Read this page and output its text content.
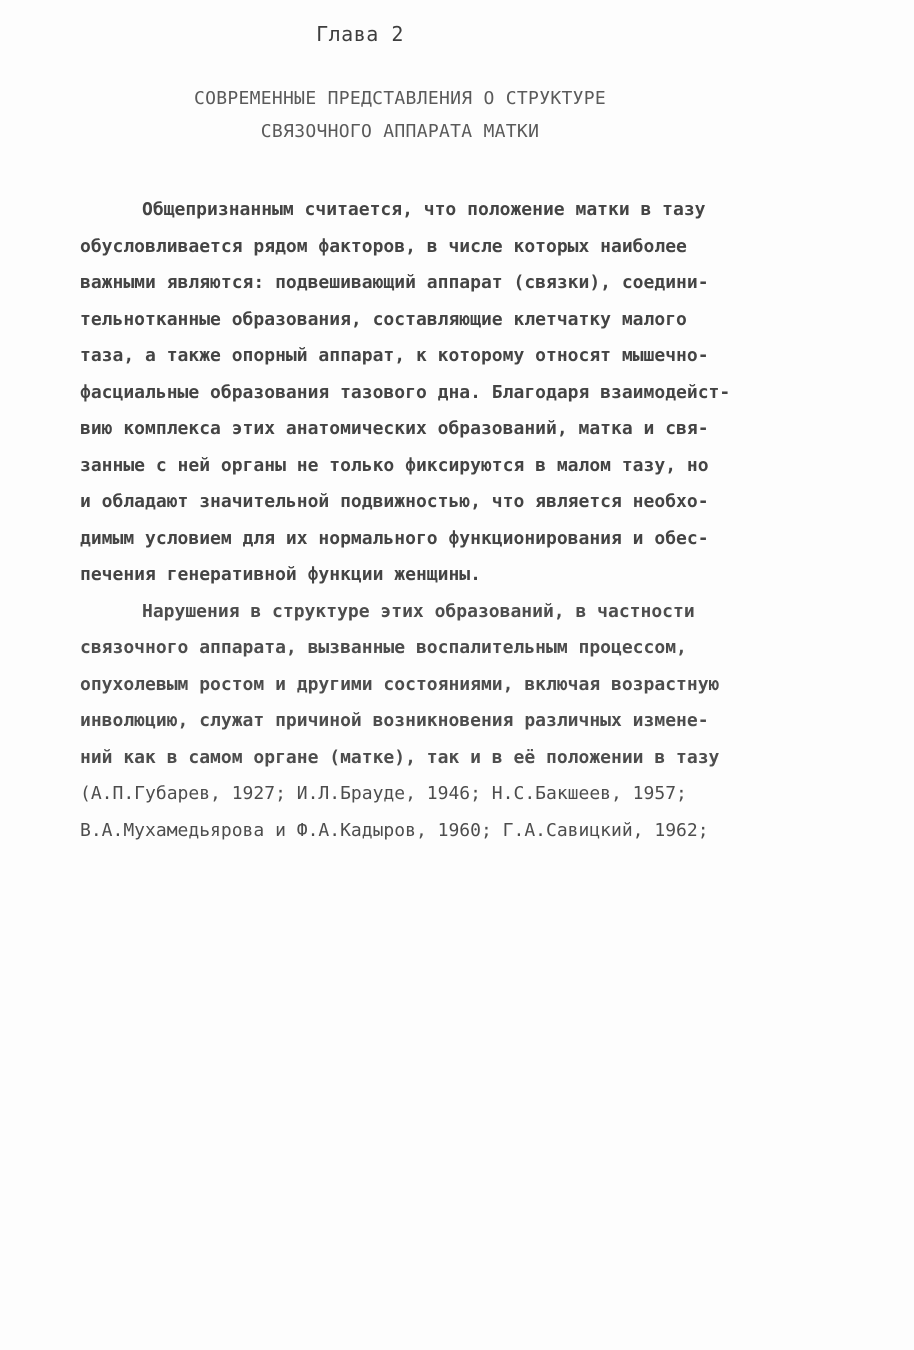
Глава 2
СОВРЕМЕННЫЕ ПРЕДСТАВЛЕНИЯ О СТРУКТУРЕ
СВЯЗОЧНОГО АППАРАТА МАТКИ
Общепризнанным считается, что положение матки в тазу
обусловливается рядом факторов, в числе которых наиболее
важными являются: подвешивающий аппарат (связки), соедини-
тельнотканные образования, составляющие клетчатку малого
таза, а также опорный аппарат, к которому относят мышечно-
фасциальные образования тазового дна. Благодаря взаимодейст-
вию комплекса этих анатомических образований, матка и свя-
занные с ней органы не только фиксируются в малом тазу, но
и обладают значительной подвижностью, что является необхо-
димым условием для их нормального функционирования и обес-
печения генеративной функции женщины.
Нарушения в структуре этих образований, в частности
связочного аппарата, вызванные воспалительным процессом,
опухолевым ростом и другими состояниями, включая возрастную
инволюцию, служат причиной возникновения различных измене-
ний как в самом органе (матке), так и в её положении в тазу
(А.П.Губарев, 1927; И.Л.Брауде, 1946; Н.С.Бакшеев, 1957;
В.А.Мухамедьярова и Ф.А.Кадыров, 1960; Г.А.Савицкий, 1962;
